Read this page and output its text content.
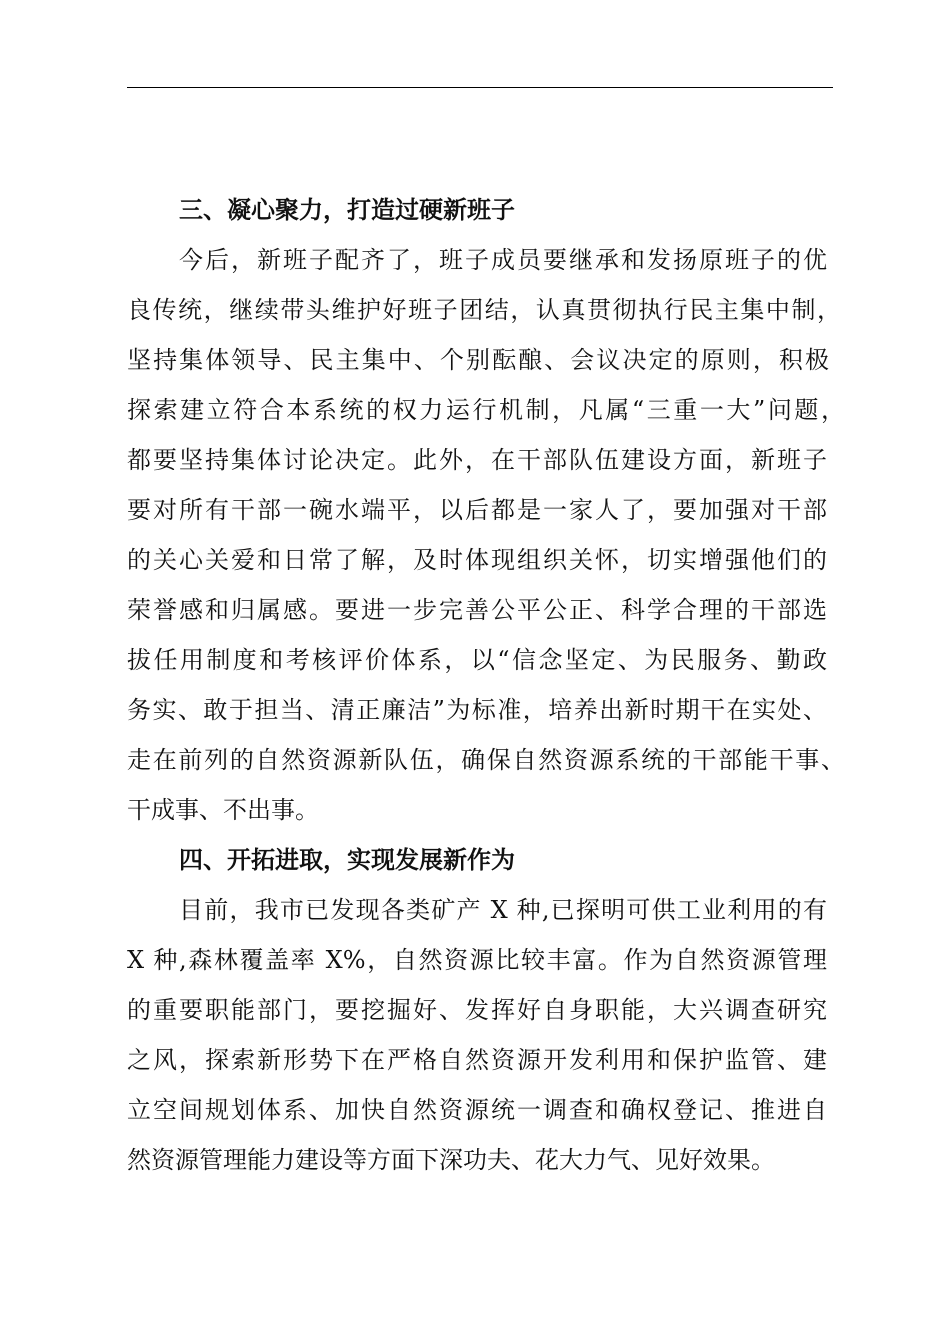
三、凝心聚力，打造过硬新班子

今后，新班子配齐了，班子成员要继承和发扬原班子的优
良传统，继续带头维护好班子团结，认真贯彻执行民主集中制，
坚持集体领导、民主集中、个别酝酿、会议决定的原则，积极
探索建立符合本系统的权力运行机制，凡属“三重一大”问题，
都要坚持集体讨论决定。此外，在干部队伍建设方面，新班子
要对所有干部一碗水端平，以后都是一家人了，要加强对干部
的关心关爱和日常了解，及时体现组织关怀，切实增强他们的
荣誉感和归属感。要进一步完善公平公正、科学合理的干部选
拔任用制度和考核评价体系，以“信念坚定、为民服务、勤政
务实、敢于担当、清正廉洁”为标准，培养出新时期干在实处、
走在前列的自然资源新队伍，确保自然资源系统的干部能干事、
干成事、不出事。

四、开拓进取，实现发展新作为

目前，我市已发现各类矿产 X 种,已探明可供工业利用的有
X 种,森林覆盖率 X%，自然资源比较丰富。作为自然资源管理
的重要职能部门，要挖掘好、发挥好自身职能，大兴调查研究
之风，探索新形势下在严格自然资源开发利用和保护监管、建
立空间规划体系、加快自然资源统一调查和确权登记、推进自
然资源管理能力建设等方面下深功夫、花大力气、见好效果。
